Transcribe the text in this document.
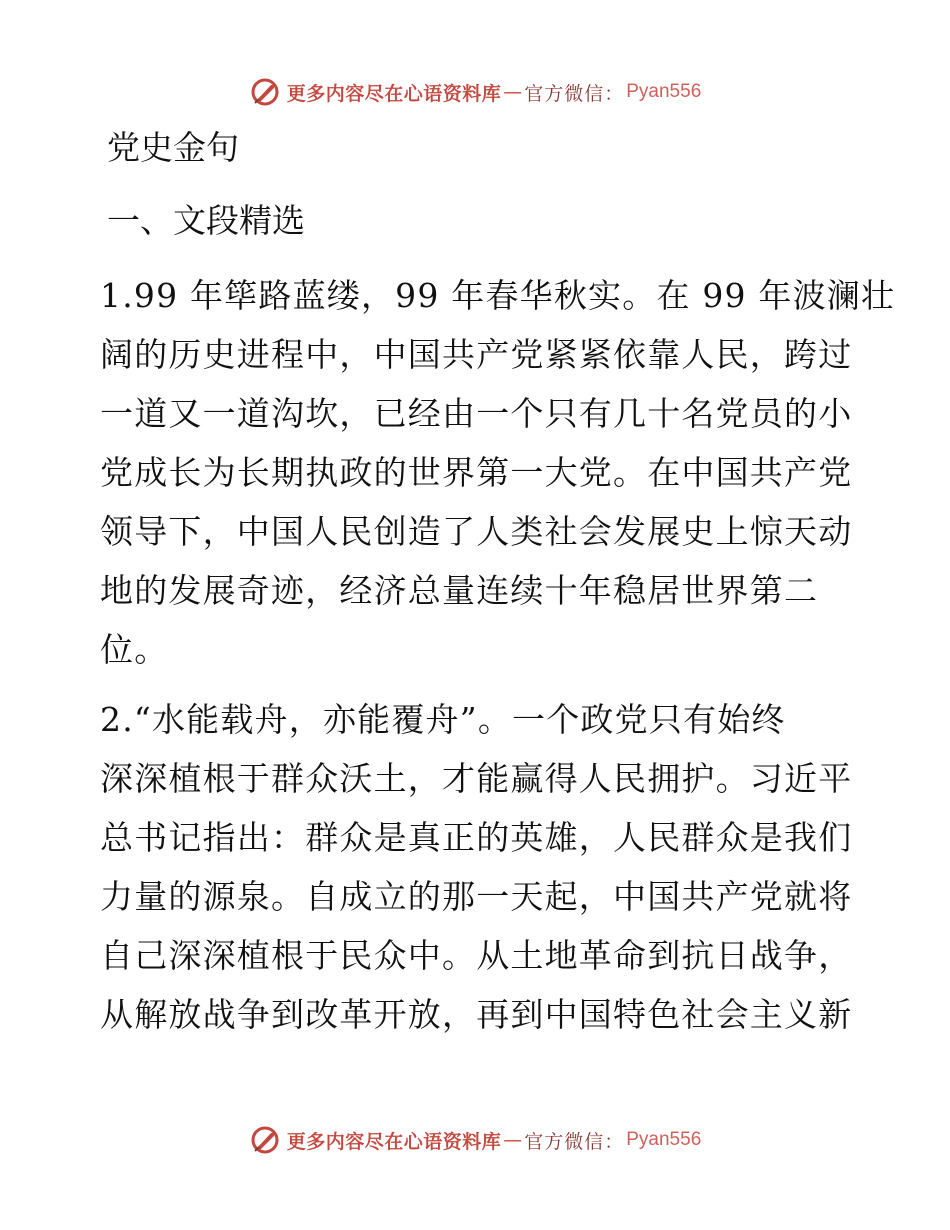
更多内容尽在心语资料库 — 官方微信： Pyan556
党史金句
一、文段精选
1.99 年筚路蓝缕，99 年春华秋实。在 99 年波澜壮
阔的历史进程中，中国共产党紧紧依靠人民，跨过
一道又一道沟坎，已经由一个只有几十名党员的小
党成长为长期执政的世界第一大党。在中国共产党
领导下，中国人民创造了人类社会发展史上惊天动
地的发展奇迹，经济总量连续十年稳居世界第二
位。
2.“水能载舟，亦能覆舟”。一个政党只有始终
深深植根于群众沃土，才能赢得人民拥护。习近平
总书记指出：群众是真正的英雄，人民群众是我们
力量的源泉。自成立的那一天起，中国共产党就将
自己深深植根于民众中。从土地革命到抗日战争，
从解放战争到改革开放，再到中国特色社会主义新
更多内容尽在心语资料库 — 官方微信： Pyan556
